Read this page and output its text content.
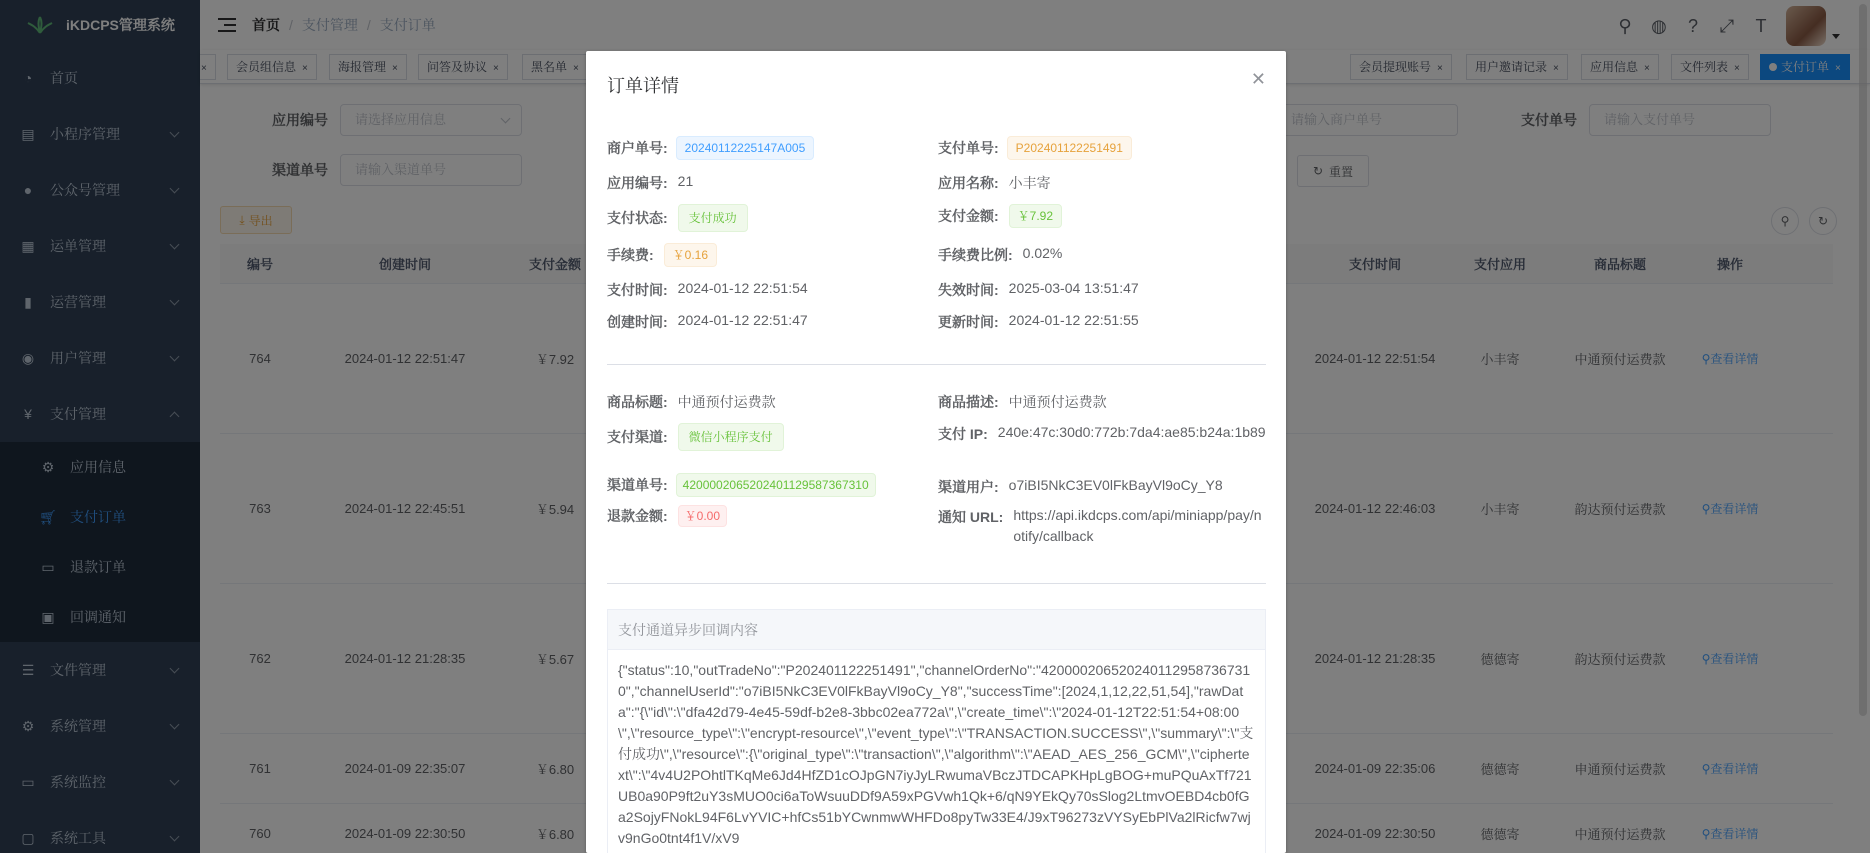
订单详情	✕
商户单号:	20240112225147A005	支付单号:	P202401122251491
应用编号: 21	应用名称: 小丰寄
支付状态:	支付成功	支付金额:	￥7.92
手续费:	￥0.16	手续费比例: 0.02%
支付时间: 2024-01-12 22:51:54	失效时间: 2025-03-04 13:51:47
创建时间: 2024-01-12 22:51:47	更新时间: 2024-01-12 22:51:55
商品标题: 中通预付运费款	商品描述: 中通预付运费款
支付渠道:	微信小程序支付	支付 IP: 240e:47c:30d0:772b:7da4:ae85:b24a:1b89
渠道单号:	4200002065202401129587367310	渠道用户: o7iBI5NkC3EV0lFkBayVl9oCy_Y8
退款金额:	￥0.00	通知 URL: https://api.ikdcps.com/api/miniapp/pay/notify/callback
支付通道异步回调内容
{"status":10,"outTradeNo":"P202401122251491","channelOrderNo":"4200002065202401129587367310","channelUserId":"o7iBI5NkC3EV0lFkBayVl9oCy_Y8","successTime":[2024,1,12,22,51,54],"rawData":"{\"id\":\"dfa42d79-4e45-59df-b2e8-3bbc02ea772a\",\"create_time\":\"2024-01-12T22:51:54+08:00\",\"resource_type\":\"encrypt-resource\",\"event_type\":\"TRANSACTION.SUCCESS\",\"summary\":\"支付成功\",\"resource\":{\"original_type\":\"transaction\",\"algorithm\":\"AEAD_AES_256_GCM\",\"ciphertext\":\"4v4U2POhtlTKqMe6Jd4HfZD1cOJpGN7iyJyLRwumaVBczJTDCAPKHpLgBOG+muPQuAxTf721UB0a90P9ft2uY3sMUO0ci6aToWsuuDDf9A59xPGVwh1Qk+6/qN9YEkQy70sSlog2LtmvOEBD4cb0fGa2SojyFNokL94F6LvYVIC+hfCs51bYCwnmwWHFDo8pyTw33E4/J9xT96273zVYSyEbPlVa2lRicfw7wjv9nGo0tnt4f1V/xV9
